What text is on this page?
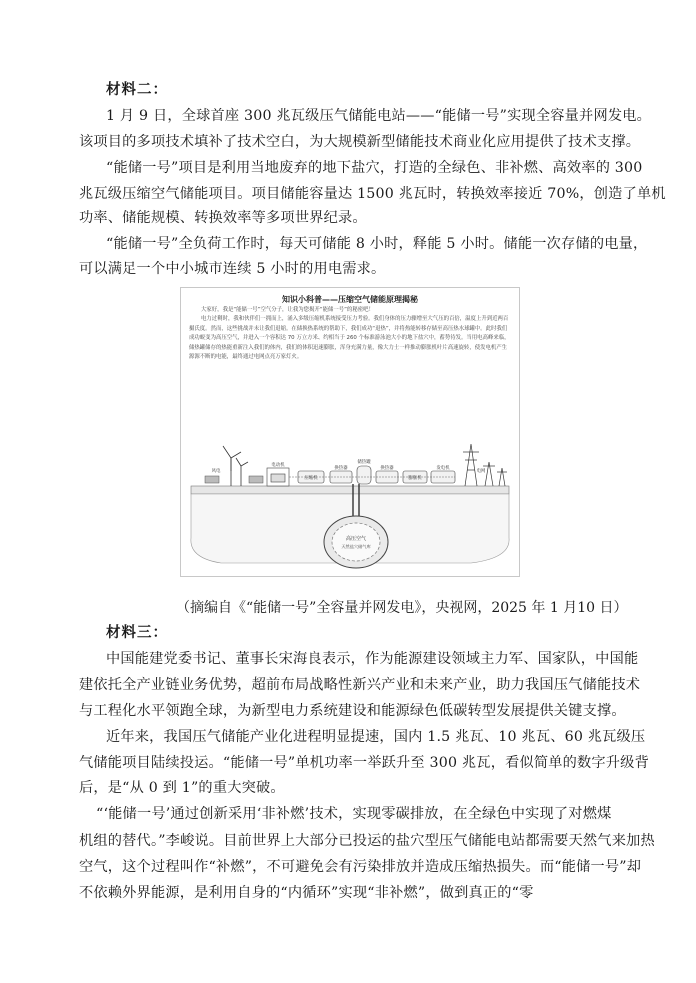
材料二：
1 月 9 日，全球首座 300 兆瓦级压气储能电站——“能储一号”实现全容量并网发电。
该项目的多项技术填补了技术空白，为大规模新型储能技术商业化应用提供了技术支撑。
“能储一号”项目是利用当地废弃的地下盐穴，打造的全绿色、非补燃、高效率的 300
兆瓦级压缩空气储能项目。项目储能容量达 1500 兆瓦时，转换效率接近 70%，创造了单机
功率、储能规模、转换效率等多项世界纪录。
“能储一号”全负荷工作时，每天可储能 8 小时，释能 5 小时。储能一次存储的电量，
可以满足一个中小城市连续 5 小时的用电需求。
知识小科普——压缩空气储能原理揭秘

大家好，我是“能储一号”空气分子，让我为您揭开“能储一号”的秘密吧！

电力过剩时，我和伙伴们一拥而上，涌入多级压缩机系统接受压力考验。我们身体的压力骤增至大气压的百倍，温度上升到近两百摄氏度。然而，这些挑战并未让我们退缩。在储换热系统的帮助下，我们成功“退热”，并将热能转移存储至高压热水球罐中。此时我们成功蜕变为高压空气，并进入一个容积达 70 万立方米、约相当于 260 个标准游泳池大小的地下盐穴中，蓄势待发。当用电高峰来临，储热罐储存的热能重新注入我们的体内，我们的体积迅速膨胀，浑身充满力量，像大力士一样推动膨胀机叶片高速旋转，使发电机产生源源不断的电能，最终通过电网点亮万家灯火。

电动机
压缩机
换热器
储热罐
换热器
膨胀机
发电机
风电	电网
高压空气
天然盐穴储气库
（摘编自《“能储一号”全容量并网发电》，央视网，2025 年 1 月10 日）
材料三：
中国能建党委书记、董事长宋海良表示，作为能源建设领域主力军、国家队，中国能
建依托全产业链业务优势，超前布局战略性新兴产业和未来产业，助力我国压气储能技术
与工程化水平领跑全球，为新型电力系统建设和能源绿色低碳转型发展提供关键支撑。
近年来，我国压气储能产业化进程明显提速，国内 1.5 兆瓦、10 兆瓦、60 兆瓦级压
气储能项目陆续投运。“能储一号”单机功率一举跃升至 300 兆瓦，看似简单的数字升级背
后，是“从 0 到 1”的重大突破。
“‘能储一号’通过创新采用‘非补燃’技术，实现零碳排放，在全绿色中实现了对燃煤
机组的替代。”李峻说。目前世界上大部分已投运的盐穴型压气储能电站都需要天然气来加热
空气，这个过程叫作“补燃”，不可避免会有污染排放并造成压缩热损失。而“能储一号”却
不依赖外界能源，是利用自身的“内循环”实现“非补燃”，做到真正的“零
